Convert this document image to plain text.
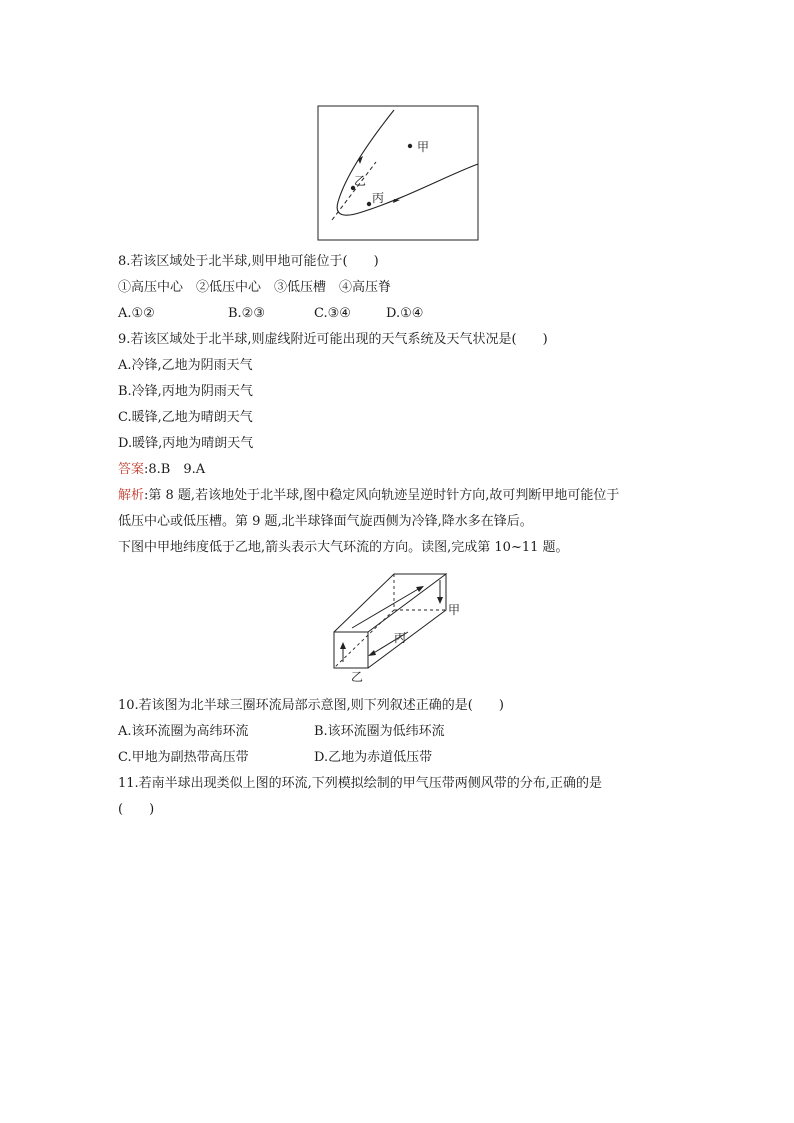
甲
乙
丙
8.若该区域处于北半球,则甲地可能位于(　　)
①高压中心　②低压中心　③低压槽　④高压脊
A.①②	B.②③	C.③④	D.①④
9.若该区域处于北半球,则虚线附近可能出现的天气系统及天气状况是(　　)
A.冷锋,乙地为阴雨天气
B.冷锋,丙地为阴雨天气
C.暖锋,乙地为晴朗天气
D.暖锋,丙地为晴朗天气
答案:8.B　9.A
解析:第 8 题,若该地处于北半球,图中稳定风向轨迹呈逆时针方向,故可判断甲地可能位于
低压中心或低压槽。第 9 题,北半球锋面气旋西侧为冷锋,降水多在锋后。
下图中甲地纬度低于乙地,箭头表示大气环流的方向。读图,完成第 10~11 题。
甲
丙
乙
10.若该图为北半球三圈环流局部示意图,则下列叙述正确的是(　　)
A.该环流圈为高纬环流	B.该环流圈为低纬环流
C.甲地为副热带高压带	D.乙地为赤道低压带
11.若南半球出现类似上图的环流,下列模拟绘制的甲气压带两侧风带的分布,正确的是
(　　)
